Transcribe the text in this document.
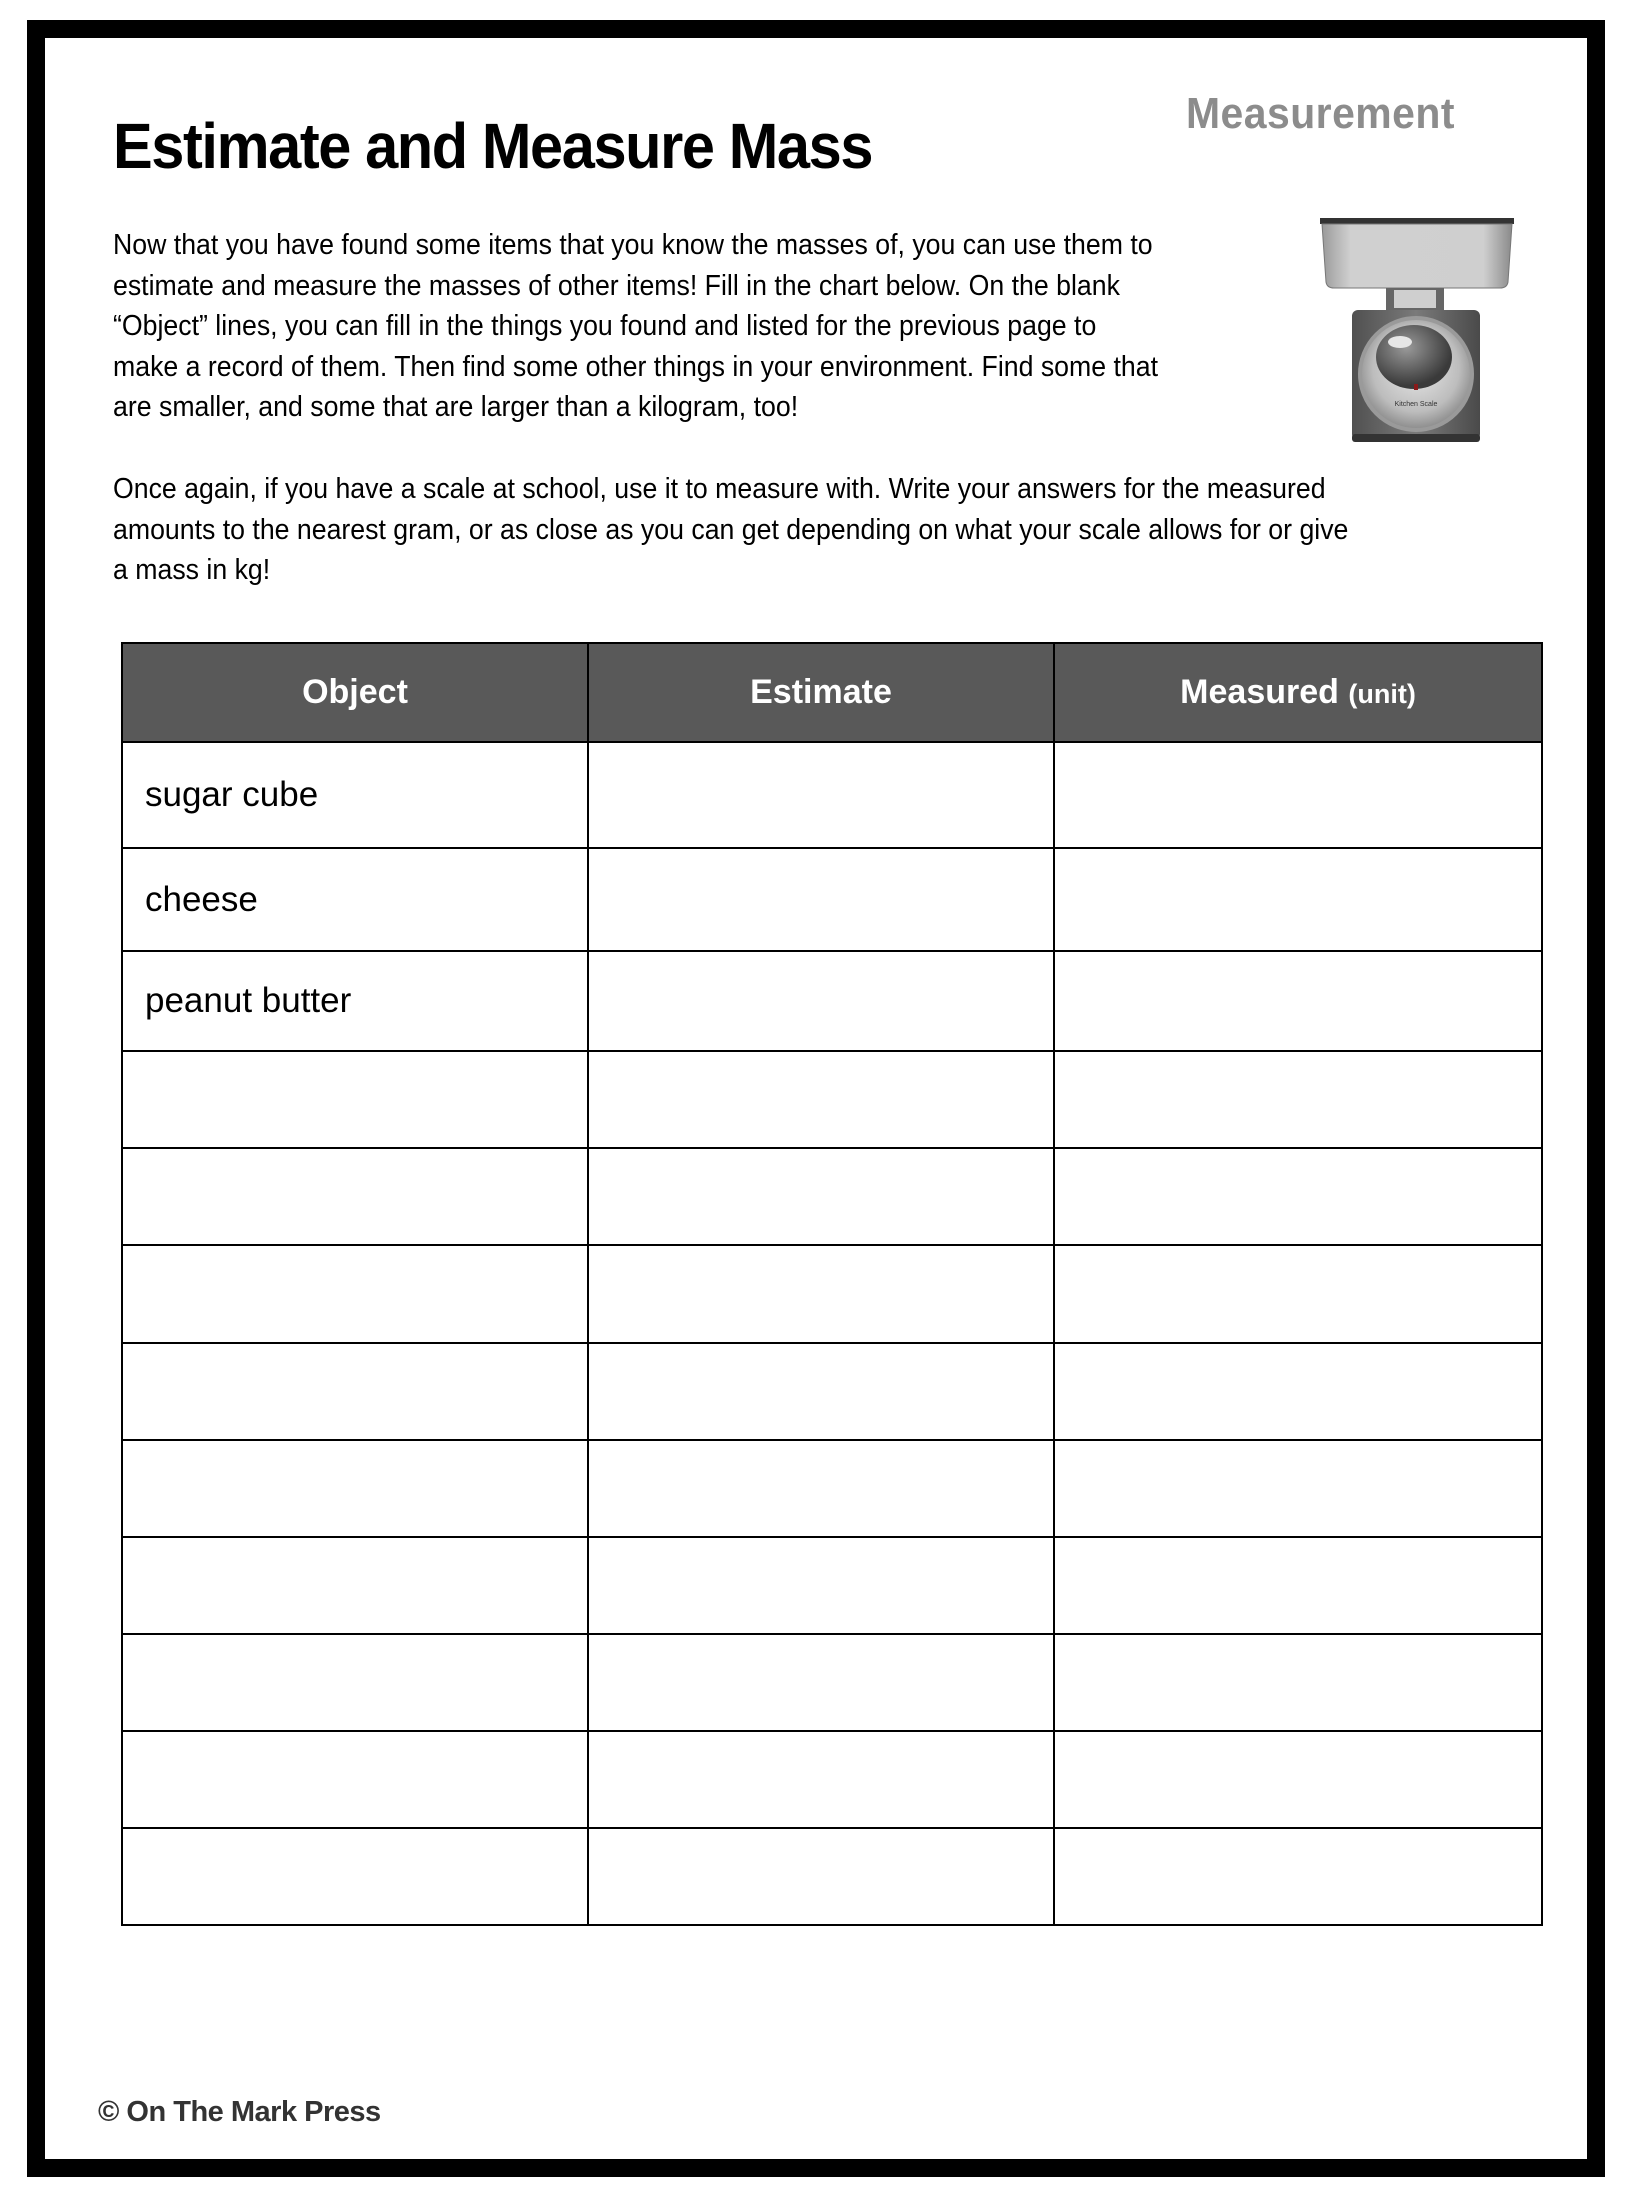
Estimate and Measure Mass	Measurement
Now that you have found some items that you know the masses of, you can use them to
estimate and measure the masses of other items! Fill in the chart below. On the blank
“Object” lines, you can fill in the things you found and listed for the previous page to
make a record of them. Then find some other things in your environment. Find some that
are smaller, and some that are larger than a kilogram, too!
Once again, if you have a scale at school, use it to measure with. Write your answers for the measured
amounts to the nearest gram, or as close as you can get depending on what your scale allows for or give
a mass in kg!
Kitchen Scale
Object	Estimate	Measured (unit)
sugar cube		
cheese		
peanut butter		

© On The Mark Press
